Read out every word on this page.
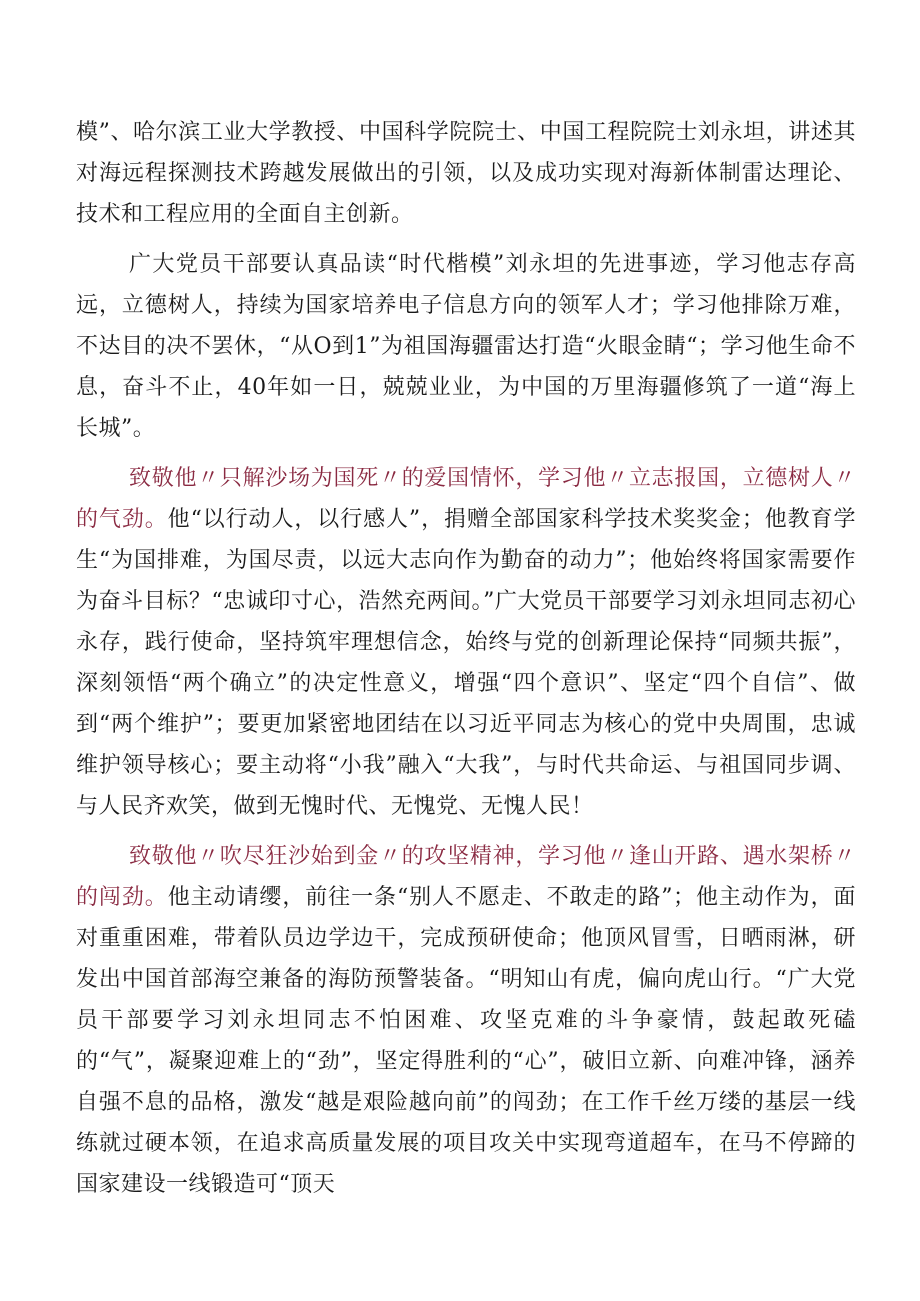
模”、哈尔滨工业大学教授、中国科学院院士、中国工程院院士刘永坦，讲述其对海远程探测技术跨越发展做出的引领，以及成功实现对海新体制雷达理论、技术和工程应用的全面自主创新。

广大党员干部要认真品读“时代楷模”刘永坦的先进事迹，学习他志存高远，立德树人，持续为国家培养电子信息方向的领军人才；学习他排除万难，不达目的决不罢休，“从O到1”为祖国海疆雷达打造“火眼金睛“；学习他生命不息，奋斗不止，40年如一日，兢兢业业，为中国的万里海疆修筑了一道“海上长城”。

致敬他〃只解沙场为国死〃的爱国情怀，学习他〃立志报国，立德树人〃的气劲。他“以行动人，以行感人”，捐赠全部国家科学技术奖奖金；他教育学生“为国排难，为国尽责，以远大志向作为勤奋的动力”；他始终将国家需要作为奋斗目标？“忠诚印寸心，浩然充两间。”广大党员干部要学习刘永坦同志初心永存，践行使命，坚持筑牢理想信念，始终与党的创新理论保持“同频共振”，深刻领悟“两个确立”的决定性意义，增强“四个意识”、坚定“四个自信”、做到“两个维护”；要更加紧密地团结在以习近平同志为核心的党中央周围，忠诚维护领导核心；要主动将“小我”融入“大我”，与时代共命运、与祖国同步调、与人民齐欢笑，做到无愧时代、无愧党、无愧人民！

致敬他〃吹尽狂沙始到金〃的攻坚精神，学习他〃逢山开路、遇水架桥〃的闯劲。他主动请缨，前往一条“别人不愿走、不敢走的路”；他主动作为，面对重重困难，带着队员边学边干，完成预研使命；他顶风冒雪，日晒雨淋，研发出中国首部海空兼备的海防预警装备。“明知山有虎，偏向虎山行。“广大党员干部要学习刘永坦同志不怕困难、攻坚克难的斗争豪情，鼓起敢死磕的“气”，凝聚迎难上的“劲”，坚定得胜利的“心”，破旧立新、向难冲锋，涵养自强不息的品格，激发“越是艰险越向前”的闯劲；在工作千丝万缕的基层一线练就过硬本领，在追求高质量发展的项目攻关中实现弯道超车，在马不停蹄的国家建设一线锻造可“顶天
